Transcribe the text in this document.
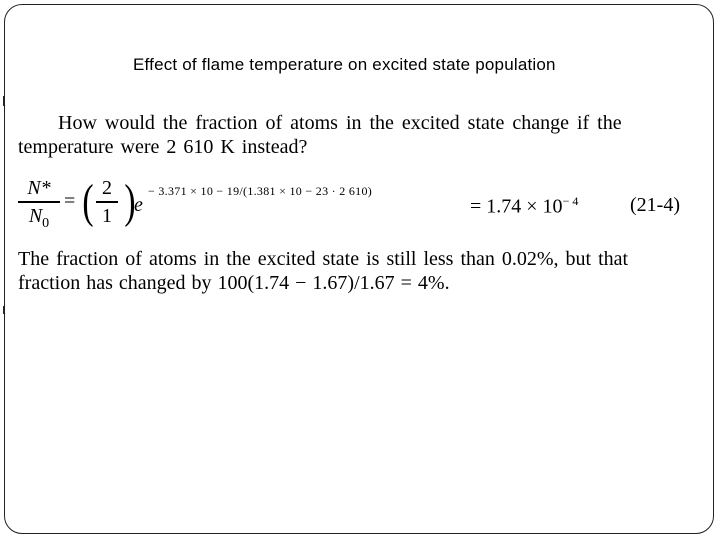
Effect of flame temperature on excited state population
How would the fraction of atoms in the excited state change if the
temperature were 2 610 K instead?
N*
$N_0$
= ( 2
1 )
e
− 3.371 × 10 − 19/(1.381 × 10 − 23 · 2 610)
= $1.74 \times 10^{- 4}$	(21-4)
The fraction of atoms in the excited state is still less than 0.02%, but that
fraction has changed by 100(1.74 − 1.67)/1.67 = 4%.
